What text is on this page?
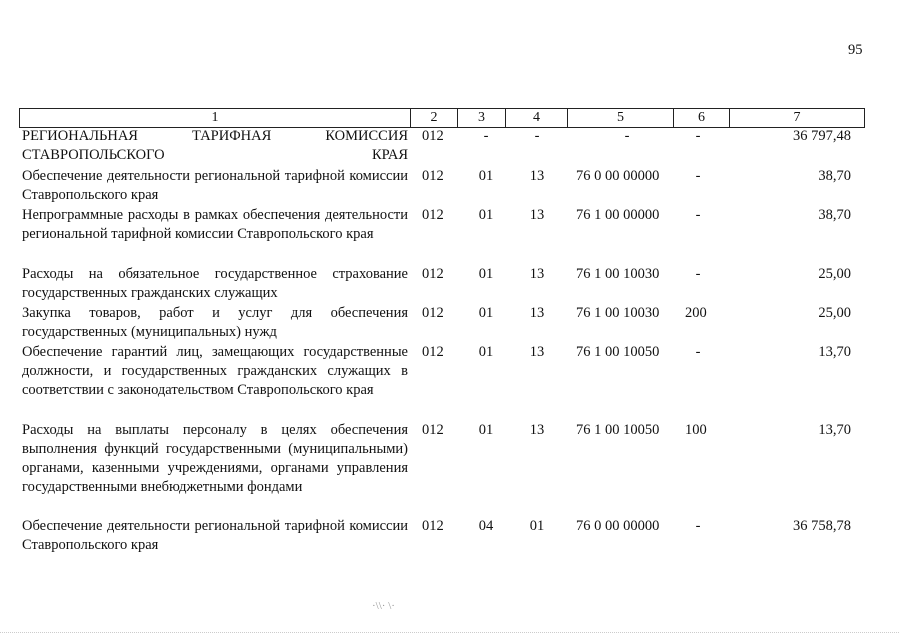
95
1	2	3	4	5	6	7
РЕГИОНАЛЬНАЯ ТАРИФНАЯ КОМИССИЯ СТАВРОПОЛЬСКОГО КРАЯ
012	-	-	-	-	36 797,48
Обеспечение деятельности региональной тарифной комиссии Ставропольского края
012	01	13	76 0 00 00000	-	38,70
Непрограммные расходы в рамках обеспечения деятельности региональной тарифной комиссии Ставропольского края
012	01	13	76 1 00 00000	-	38,70
Расходы на обязательное государственное страхование государственных гражданских служащих
012	01	13	76 1 00 10030	-	25,00
Закупка товаров, работ и услуг для обеспечения государственных (муниципальных) нужд
012	01	13	76 1 00 10030	200	25,00
Обеспечение гарантий лиц, замещающих государственные должности, и государственных гражданских служащих в соответствии с законодательством Ставропольского края
012	01	13	76 1 00 10050	-	13,70
Расходы на выплаты персоналу в целях обеспечения выполнения функций государственными (муниципальными) органами, казенными учреждениями, органами управления государственными внебюджетными фондами
012	01	13	76 1 00 10050	100	13,70
Обеспечение деятельности региональной тарифной комиссии Ставропольского края
012	04	01	76 0 00 00000	-	36 758,78
·\\· \·
